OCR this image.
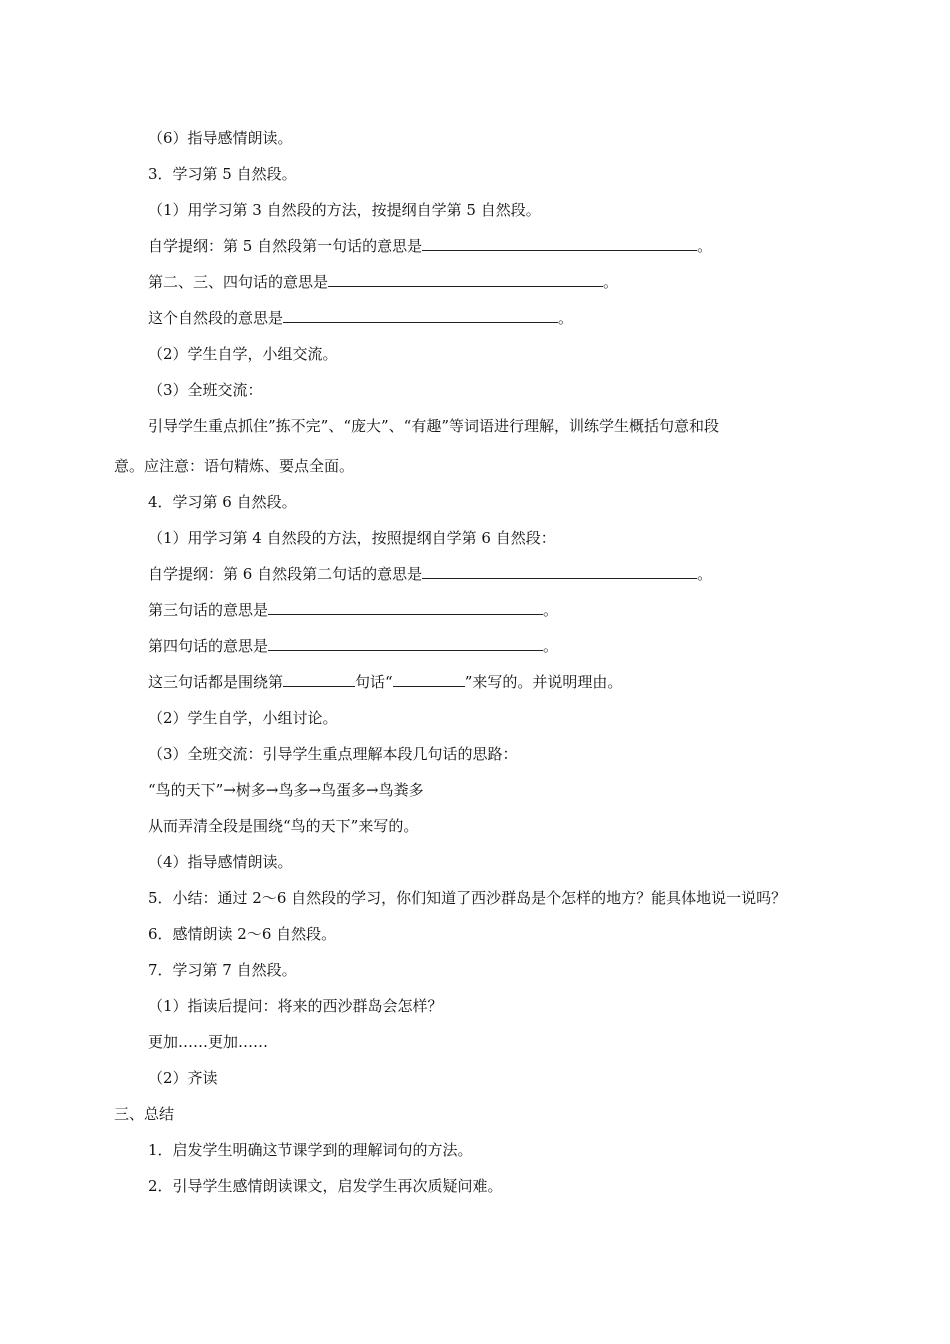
（6）指导感情朗读。
3．学习第 5 自然段。
（1）用学习第 3 自然段的方法，按提纲自学第 5 自然段。
自学提纲：第 5 自然段第一句话的意思是	。
第二、三、四句话的意思是	。
这个自然段的意思是	。
（2）学生自学，小组交流。
（3）全班交流：
引导学生重点抓住”拣不完”、“庞大”、“有趣”等词语进行理解，训练学生概括句意和段
意。应注意：语句精炼、要点全面。
4．学习第 6 自然段。
（1）用学习第 4 自然段的方法，按照提纲自学第 6 自然段：
自学提纲：第 6 自然段第二句话的意思是	。
第三句话的意思是	。
第四句话的意思是	。
这三句话都是围绕第	句话“	”来写的。并说明理由。
（2）学生自学，小组讨论。
（3）全班交流：引导学生重点理解本段几句话的思路：
“鸟的天下”→树多→鸟多→鸟蛋多→鸟粪多
从而弄清全段是围绕“鸟的天下”来写的。
（4）指导感情朗读。
5．小结：通过 2～6 自然段的学习，你们知道了西沙群岛是个怎样的地方？能具体地说一说吗？
6．感情朗读 2～6 自然段。
7．学习第 7 自然段。
（1）指读后提问：将来的西沙群岛会怎样？
更加……更加……
（2）齐读
三、总结
1．启发学生明确这节课学到的理解词句的方法。
2．引导学生感情朗读课文，启发学生再次质疑问难。
